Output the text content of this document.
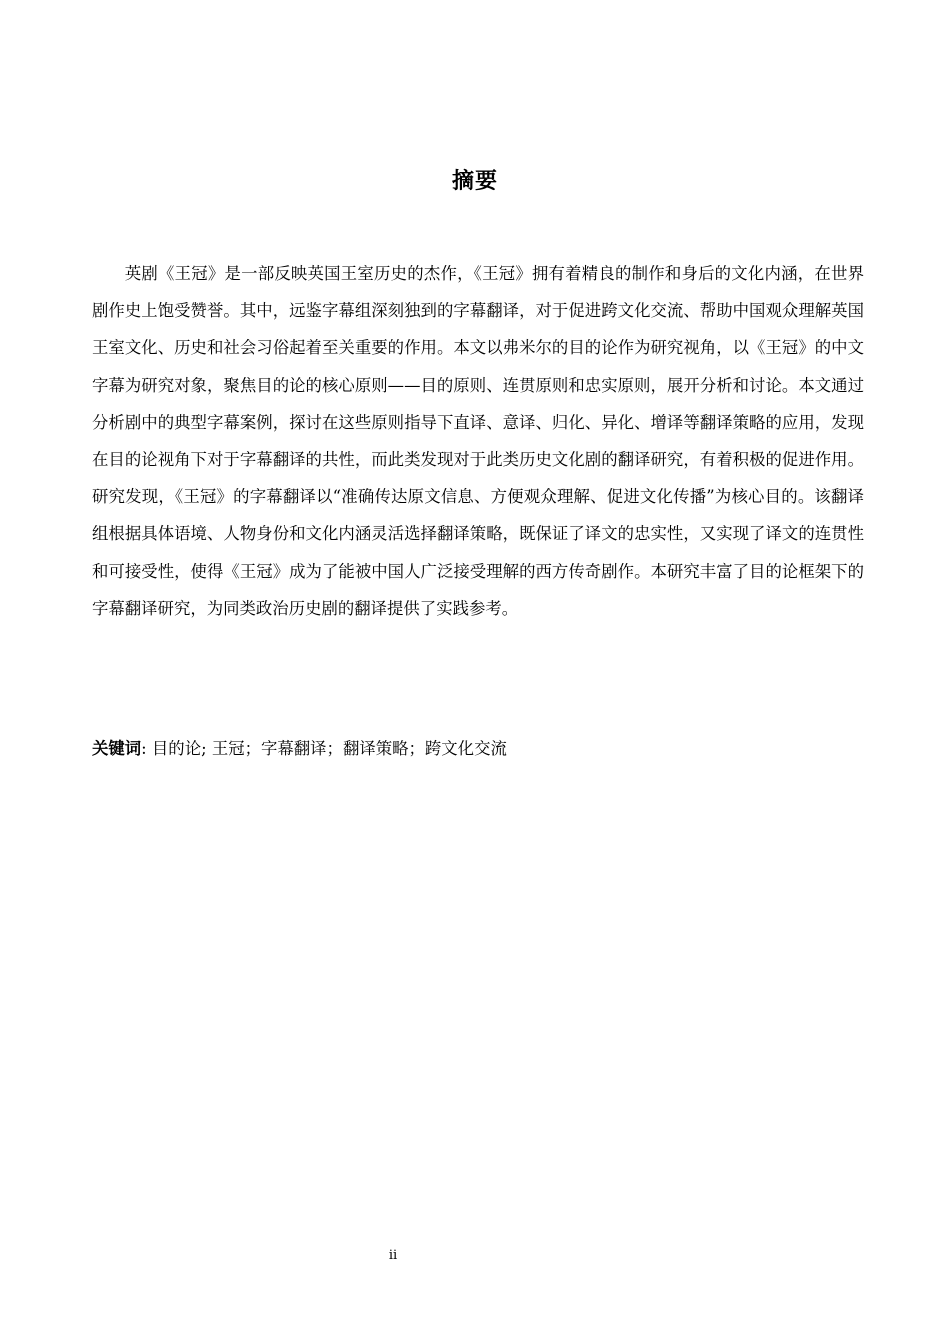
摘要

英剧《王冠》是一部反映英国王室历史的杰作，《王冠》拥有着精良的制作和身后的文化内涵，在世界剧作史上饱受赞誉。其中，远鉴字幕组深刻独到的字幕翻译，对于促进跨文化交流、帮助中国观众理解英国王室文化、历史和社会习俗起着至关重要的作用。本文以弗米尔的目的论作为研究视角，以《王冠》的中文字幕为研究对象，聚焦目的论的核心原则——目的原则、连贯原则和忠实原则，展开分析和讨论。本文通过分析剧中的典型字幕案例，探讨在这些原则指导下直译、意译、归化、异化、增译等翻译策略的应用，发现在目的论视角下对于字幕翻译的共性，而此类发现对于此类历史文化剧的翻译研究，有着积极的促进作用。研究发现，《王冠》的字幕翻译以“准确传达原文信息、方便观众理解、促进文化传播”为核心目的。该翻译组根据具体语境、人物身份和文化内涵灵活选择翻译策略，既保证了译文的忠实性，又实现了译文的连贯性和可接受性，使得《王冠》成为了能被中国人广泛接受理解的西方传奇剧作。本研究丰富了目的论框架下的字幕翻译研究，为同类政治历史剧的翻译提供了实践参考。

关键词: 目的论; 王冠；字幕翻译；翻译策略；跨文化交流
ii
